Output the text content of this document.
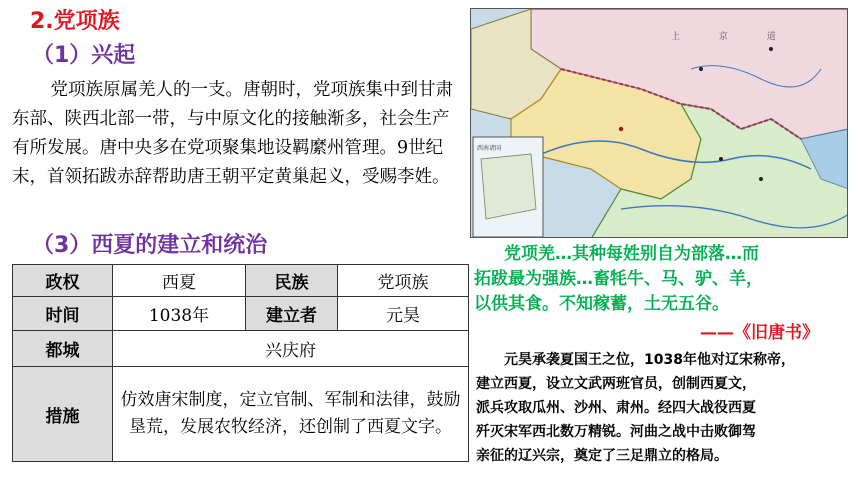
2.党项族
（1）兴起
党项族原属羌人的一支。唐朝时，党项族集中到甘肃东部、陕西北部一带，与中原文化的接触渐多，社会生产有所发展。唐中央多在党项聚集地设羁縻州管理。9世纪末，首领拓跋赤辞帮助唐王朝平定黄巢起义，受赐李姓。
（3）西夏的建立和统治
政权	西夏	民族	党项族
时间	1038年	建立者	元昊
都城	兴庆府		
措施	仿效唐宋制度，定立官制、军制和法律，鼓励垦荒，发展农牧经济，还创制了西夏文字。		
上 京 道
西南诸国
党项羌…其种每姓别自为部落…而
拓跋最为强族…畜牦牛、马、驴、羊，
以供其食。不知稼蓄，土无五谷。
——《旧唐书》
元昊承袭夏国王之位，1038年他对辽宋称帝，
建立西夏，设立文武两班官员，创制西夏文，
派兵攻取瓜州、沙州、肃州。经四大战役西夏
歼灭宋军西北数万精锐。河曲之战中击败御驾
亲征的辽兴宗，奠定了三足鼎立的格局。
